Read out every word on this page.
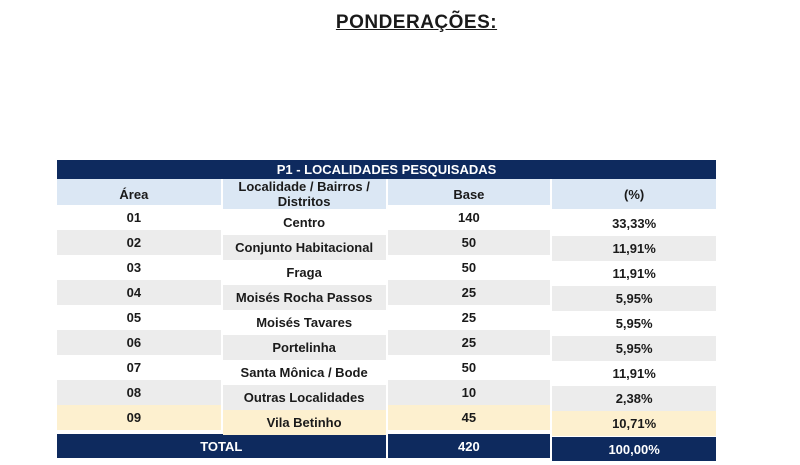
PONDERAÇÕES:
P1 - LOCALIDADES PESQUISADAS			
Área	Localidade / Bairros / Distritos	Base	(%)
01	Centro	140	33,33%
02	Conjunto Habitacional	50	11,91%
03	Fraga	50	11,91%
04	Moisés Rocha Passos	25	5,95%
05	Moisés Tavares	25	5,95%
06	Portelinha	25	5,95%
07	Santa Mônica / Bode	50	11,91%
08	Outras Localidades	10	2,38%
09	Vila Betinho	45	10,71%
TOTAL		420	100,00%
